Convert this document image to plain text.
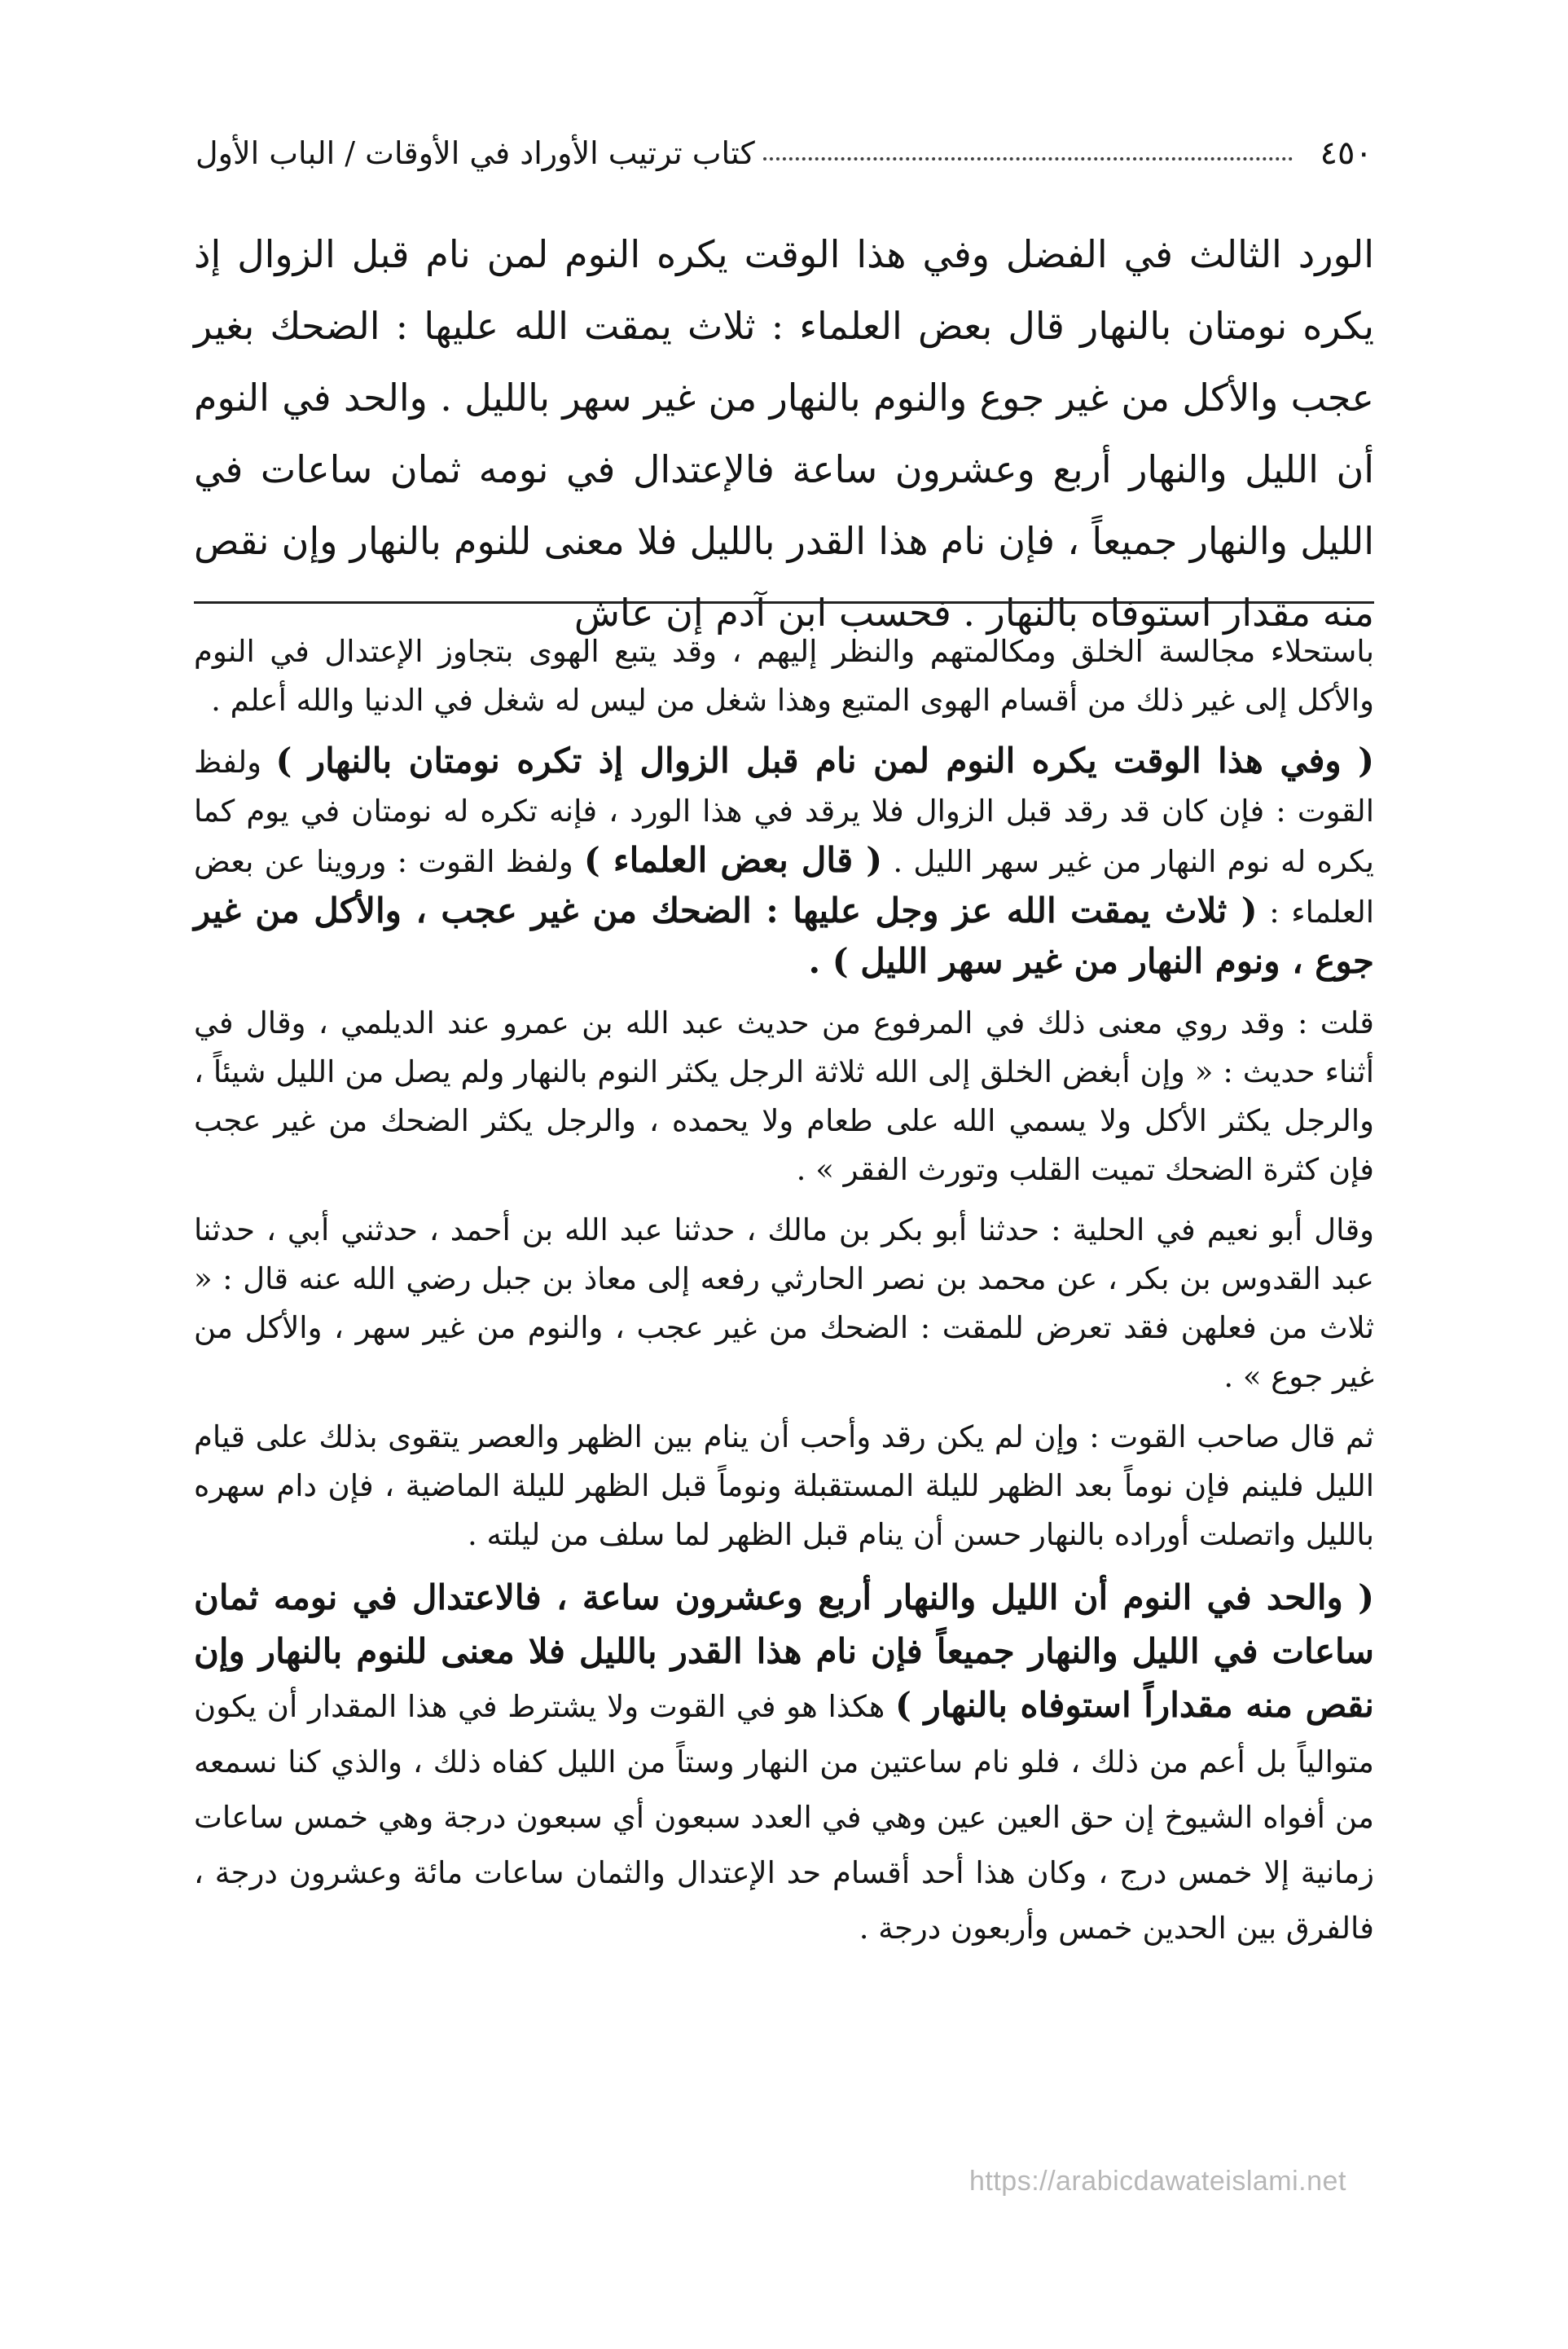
٤٥٠
كتاب ترتيب الأوراد في الأوقات / الباب الأول

الورد الثالث في الفضل وفي هذا الوقت يكره النوم لمن نام قبل الزوال إذ يكره نومتان بالنهار قال بعض العلماء : ثلاث يمقت الله عليها : الضحك بغير عجب والأكل من غير جوع والنوم بالنهار من غير سهر بالليل . والحد في النوم أن الليل والنهار أربع وعشرون ساعة فالإعتدال في نومه ثمان ساعات في الليل والنهار جميعاً ، فإن نام هذا القدر بالليل فلا معنى للنوم بالنهار وإن نقص منه مقدار استوفاه بالنهار . فحسب ابن آدم إن عاش

باستحلاء مجالسة الخلق ومكالمتهم والنظر إليهم ، وقد يتبع الهوى بتجاوز الإعتدال في النوم والأكل إلى غير ذلك من أقسام الهوى المتبع وهذا شغل من ليس له شغل في الدنيا والله أعلم .

( وفي هذا الوقت يكره النوم لمن نام قبل الزوال إذ تكره نومتان بالنهار ) ولفظ القوت : فإن كان قد رقد قبل الزوال فلا يرقد في هذا الورد ، فإنه تكره له نومتان في يوم كما يكره له نوم النهار من غير سهر الليل . ( قال بعض العلماء ) ولفظ القوت : وروينا عن بعض العلماء : ( ثلاث يمقت الله عز وجل عليها : الضحك من غير عجب ، والأكل من غير جوع ، ونوم النهار من غير سهر الليل ) .

قلت : وقد روي معنى ذلك في المرفوع من حديث عبد الله بن عمرو عند الديلمي ، وقال في أثناء حديث : « وإن أبغض الخلق إلى الله ثلاثة الرجل يكثر النوم بالنهار ولم يصل من الليل شيئاً ، والرجل يكثر الأكل ولا يسمي الله على طعام ولا يحمده ، والرجل يكثر الضحك من غير عجب فإن كثرة الضحك تميت القلب وتورث الفقر » .

وقال أبو نعيم في الحلية : حدثنا أبو بكر بن مالك ، حدثنا عبد الله بن أحمد ، حدثني أبي ، حدثنا عبد القدوس بن بكر ، عن محمد بن نصر الحارثي رفعه إلى معاذ بن جبل رضي الله عنه قال : « ثلاث من فعلهن فقد تعرض للمقت : الضحك من غير عجب ، والنوم من غير سهر ، والأكل من غير جوع » .

ثم قال صاحب القوت : وإن لم يكن رقد وأحب أن ينام بين الظهر والعصر يتقوى بذلك على قيام الليل فلينم فإن نوماً بعد الظهر لليلة المستقبلة ونوماً قبل الظهر لليلة الماضية ، فإن دام سهره بالليل واتصلت أوراده بالنهار حسن أن ينام قبل الظهر لما سلف من ليلته .

( والحد في النوم أن الليل والنهار أربع وعشرون ساعة ، فالاعتدال في نومه ثمان ساعات في الليل والنهار جميعاً فإن نام هذا القدر بالليل فلا معنى للنوم بالنهار وإن نقص منه مقداراً استوفاه بالنهار ) هكذا هو في القوت ولا يشترط في هذا المقدار أن يكون متوالياً بل أعم من ذلك ، فلو نام ساعتين من النهار وستاً من الليل كفاه ذلك ، والذي كنا نسمعه من أفواه الشيوخ إن حق العين عين وهي في العدد سبعون أي سبعون درجة وهي خمس ساعات زمانية إلا خمس درج ، وكان هذا أحد أقسام حد الإعتدال والثمان ساعات مائة وعشرون درجة ، فالفرق بين الحدين خمس وأربعون درجة .

https://arabicdawateislami.net
